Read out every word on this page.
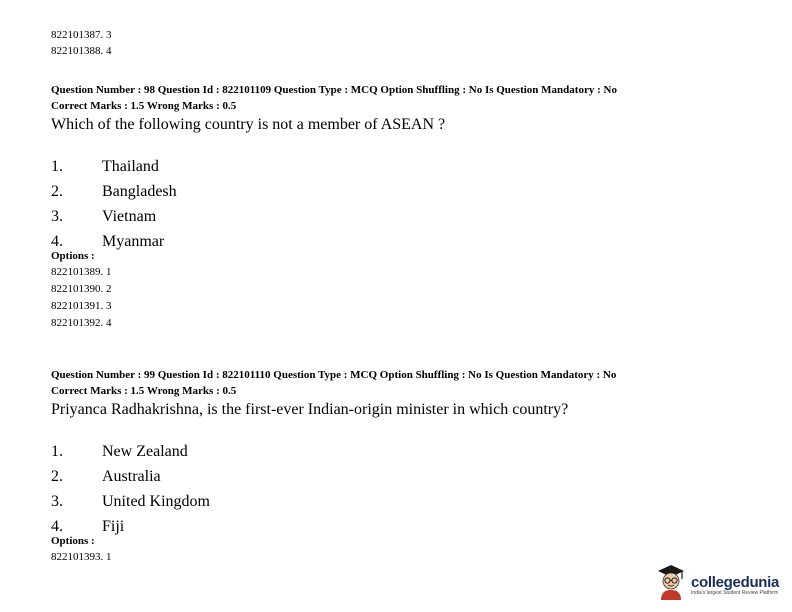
822101387. 3
822101388. 4
Question Number : 98 Question Id : 822101109 Question Type : MCQ Option Shuffling : No Is Question Mandatory : No
Correct Marks : 1.5 Wrong Marks : 0.5
Which of the following country is not a member of ASEAN ?
1.	Thailand
2.	Bangladesh
3.	Vietnam
4.	Myanmar
Options :
822101389. 1
822101390. 2
822101391. 3
822101392. 4
Question Number : 99 Question Id : 822101110 Question Type : MCQ Option Shuffling : No Is Question Mandatory : No
Correct Marks : 1.5 Wrong Marks : 0.5
Priyanca Radhakrishna, is the first-ever Indian-origin minister in which country?
1.	New Zealand
2.	Australia
3.	United Kingdom
4.	Fiji
Options :
822101393. 1
collegedunia
India's largest Student Review Platform
